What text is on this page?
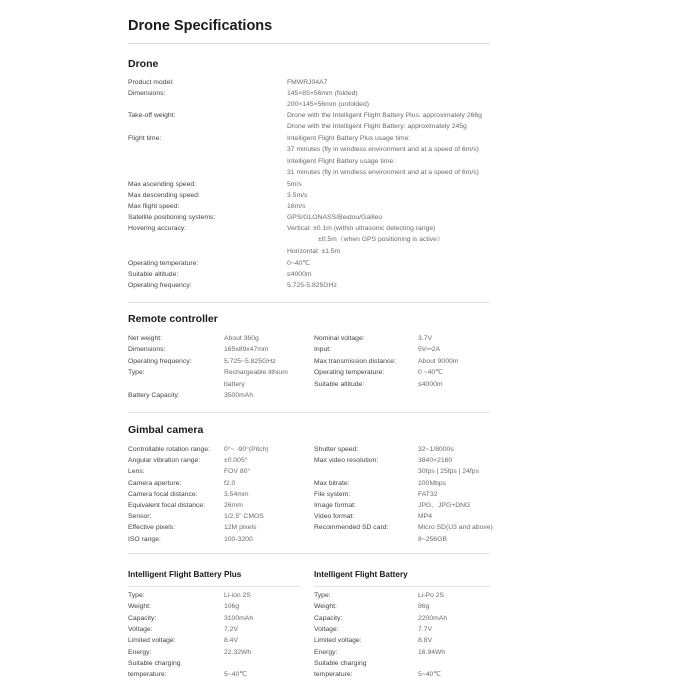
Drone Specifications
Drone
Product model:	FMWRJ04A7
Dimensions:	145×85×56mm (folded)
200×145×56mm (unfolded)
Take-off weight:	Drone with the Intelligent Flight Battery Plus: approximately 266g
Drone with the Intelligent Flight Battery: approximately 245g
Flight time:	Intelligent Flight Battery Plus usage time:
37 minutes (fly in windless environment and at a speed of 6m/s)
Intelligent Flight Battery usage time:
31 minutes (fly in windless environment and at a speed of 6m/s)
Max ascending speed:	5m/s
Max descending speed:	3.5m/s
Max flight speed:	16m/s
Satellite positioning systems:	GPS/GLONASS/Beidou/Galileo
Hovering accuracy:	Vertical: ±0.1m (within ultrasonic detecting range)
±0.5m（when GPS positioning is active）
Horizontal: ±1.5m
Operating temperature:	0~40℃
Suitable altitude:	≤4000m
Operating frequency:	5.725-5.825GHz
Remote controller
Net weight:	About 360g
Dimensions:	165x89x47mm
Operating frequency:	5.725~5.825GHz
Type:	Rechargeable lithium
battery
Battery Capacity:	3500mAh
Nominal voltage:	3.7V
Input:	5V⎓2A
Max transmission distance:	About 9000m
Operating temperature:	0 ~40℃
Suitable altitude:	≤4000m
Gimbal camera
Controllable rotation range: 0°~ -90°(Pitch)
Angular vibration range:	±0.005°
Lens:	FOV 80°
Camera aperture:	f2.0
Camera focal distance:	3.54mm
Equivalent focal distance:	26mm
Sensor:	1/2.5" CMOS
Effective pixels:	12M pixels
ISO range:	100-3200
Shutter speed:	32~1/8000s
Max video resolution:	3840×2160
30fps | 25fps | 24fps
Max bitrate:	100Mbps
File system:	FAT32
Image format:	JPG、JPG+DNG
Video format:	MP4
Recommended SD card:	Micro SD(U3 and above)
8~256GB
Intelligent Flight Battery Plus	Intelligent Flight Battery
Type:	Li-ion 2S
Weight:	106g
Capacity:	3100mAh
Voltage:	7.2V
Limited voltage:	8.4V
Energy:	22.32Wh
Suitable charging
temperature:	5~40℃
Type:	Li-Po 2S
Weight:	86g
Capacity:	2200mAh
Voltage:	7.7V
Limited voltage:	8.8V
Energy:	16.94Wh
Suitable charging
temperature:	5~40℃
